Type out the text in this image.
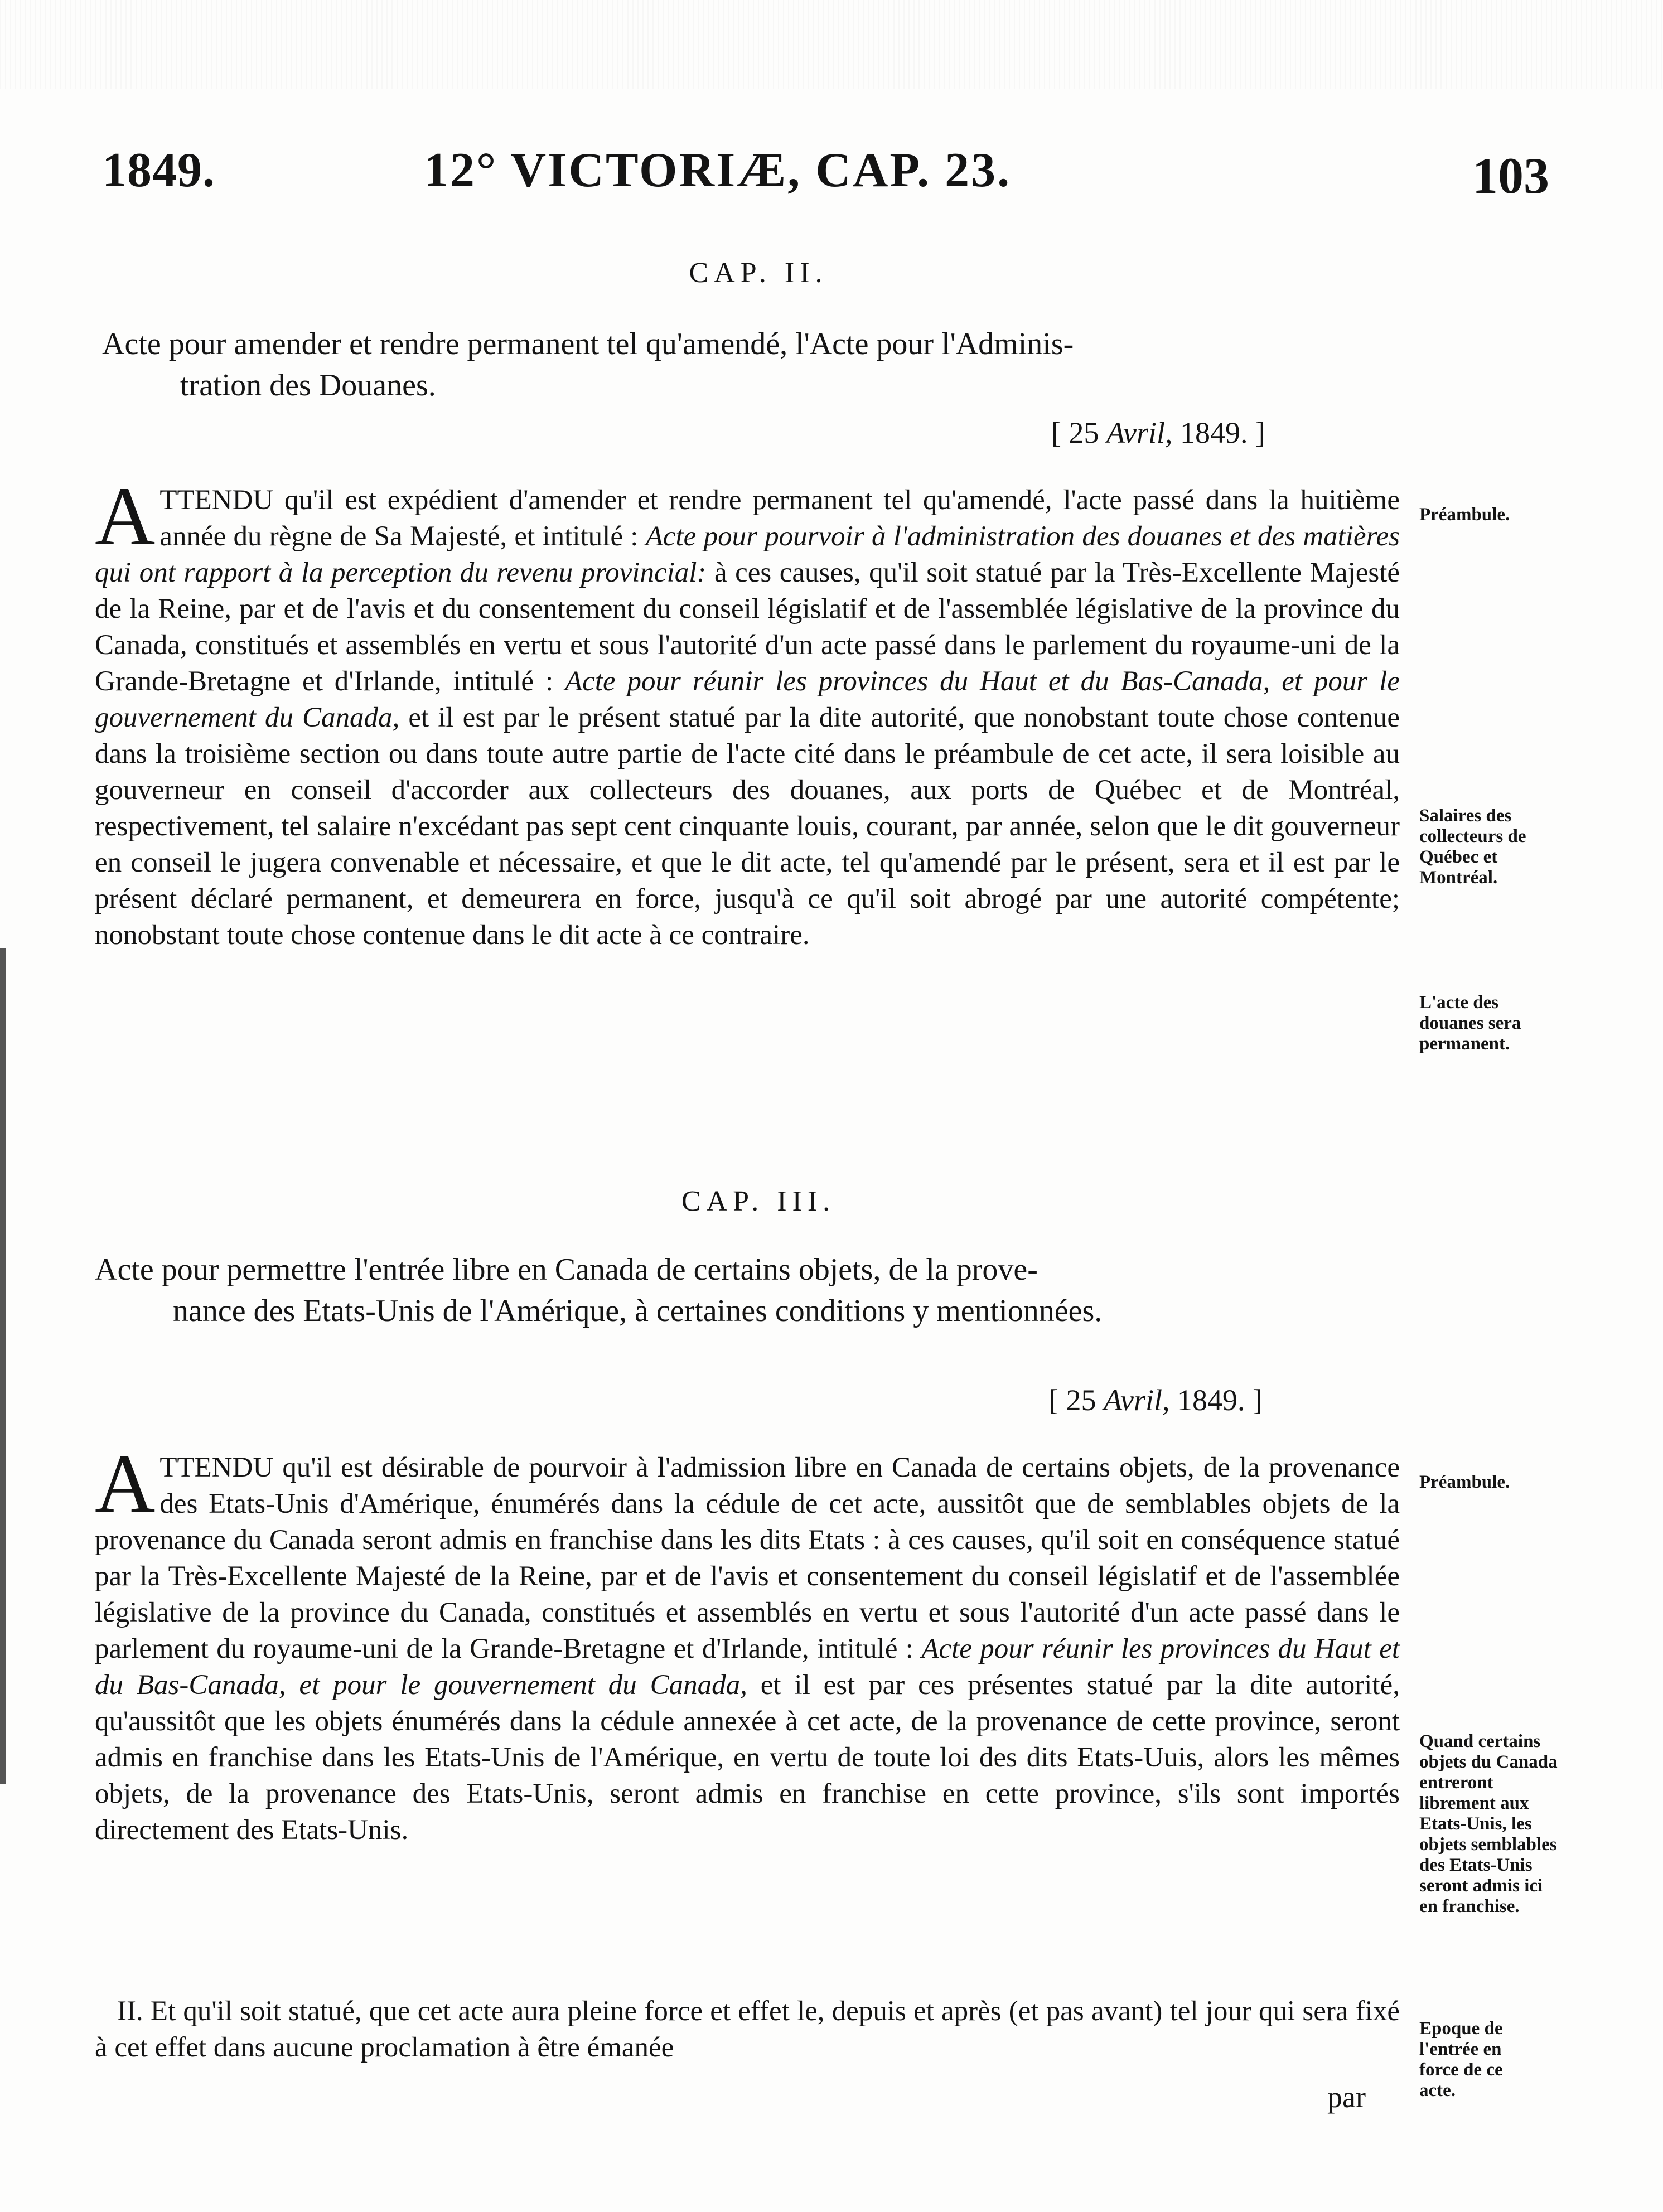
1849.	12° VICTORIÆ, CAP. 23.	103
CAP. II.
Acte pour amender et rendre permanent tel qu'amendé, l'Acte pour l'Adminis-
tration des Douanes.
[ 25 Avril, 1849. ]
ATTENDU qu'il est expédient d'amender et rendre permanent tel qu'amendé, l'acte passé dans la huitième année du règne de Sa Majesté, et intitulé : Acte pour pourvoir à l'administration des douanes et des matières qui ont rapport à la perception du revenu provincial: à ces causes, qu'il soit statué par la Très-Excellente Majesté de la Reine, par et de l'avis et du consentement du conseil législatif et de l'assemblée législative de la province du Canada, constitués et assemblés en vertu et sous l'autorité d'un acte passé dans le parlement du royaume-uni de la Grande-Bretagne et d'Irlande, intitulé : Acte pour réunir les provinces du Haut et du Bas-Canada, et pour le gouvernement du Canada, et il est par le présent statué par la dite autorité, que nonobstant toute chose contenue dans la troisième section ou dans toute autre partie de l'acte cité dans le préambule de cet acte, il sera loisible au gouverneur en conseil d'accorder aux collecteurs des douanes, aux ports de Québec et de Montréal, respectivement, tel salaire n'excédant pas sept cent cinquante louis, courant, par année, selon que le dit gouverneur en conseil le jugera convenable et nécessaire, et que le dit acte, tel qu'amendé par le présent, sera et il est par le présent déclaré permanent, et demeurera en force, jusqu'à ce qu'il soit abrogé par une autorité compétente; nonobstant toute chose contenue dans le dit acte à ce contraire.
Préambule.
Salaires des collecteurs de Québec et Montréal.
L'acte des douanes sera permanent.
CAP. III.
Acte pour permettre l'entrée libre en Canada de certains objets, de la prove-
nance des Etats-Unis de l'Amérique, à certaines conditions y mentionnées.
[ 25 Avril, 1849. ]
ATTENDU qu'il est désirable de pourvoir à l'admission libre en Canada de certains objets, de la provenance des Etats-Unis d'Amérique, énumérés dans la cédule de cet acte, aussitôt que de semblables objets de la provenance du Canada seront admis en franchise dans les dits Etats : à ces causes, qu'il soit en conséquence statué par la Très-Excellente Majesté de la Reine, par et de l'avis et consentement du conseil législatif et de l'assemblée législative de la province du Canada, constitués et assemblés en vertu et sous l'autorité d'un acte passé dans le parlement du royaume-uni de la Grande-Bretagne et d'Irlande, intitulé : Acte pour réunir les provinces du Haut et du Bas-Canada, et pour le gouvernement du Canada, et il est par ces présentes statué par la dite autorité, qu'aussitôt que les objets énumérés dans la cédule annexée à cet acte, de la provenance de cette province, seront admis en franchise dans les Etats-Unis de l'Amérique, en vertu de toute loi des dits Etats-Uuis, alors les mêmes objets, de la provenance des Etats-Unis, seront admis en franchise en cette province, s'ils sont importés directement des Etats-Unis.
II. Et qu'il soit statué, que cet acte aura pleine force et effet le, depuis et après (et pas avant) tel jour qui sera fixé à cet effet dans aucune proclamation à être émanée
par
Préambule.
Quand certains objets du Canada entreront librement aux Etats-Unis, les objets semblables des Etats-Unis seront admis ici en franchise.
Epoque de l'entrée en force de ce acte.
